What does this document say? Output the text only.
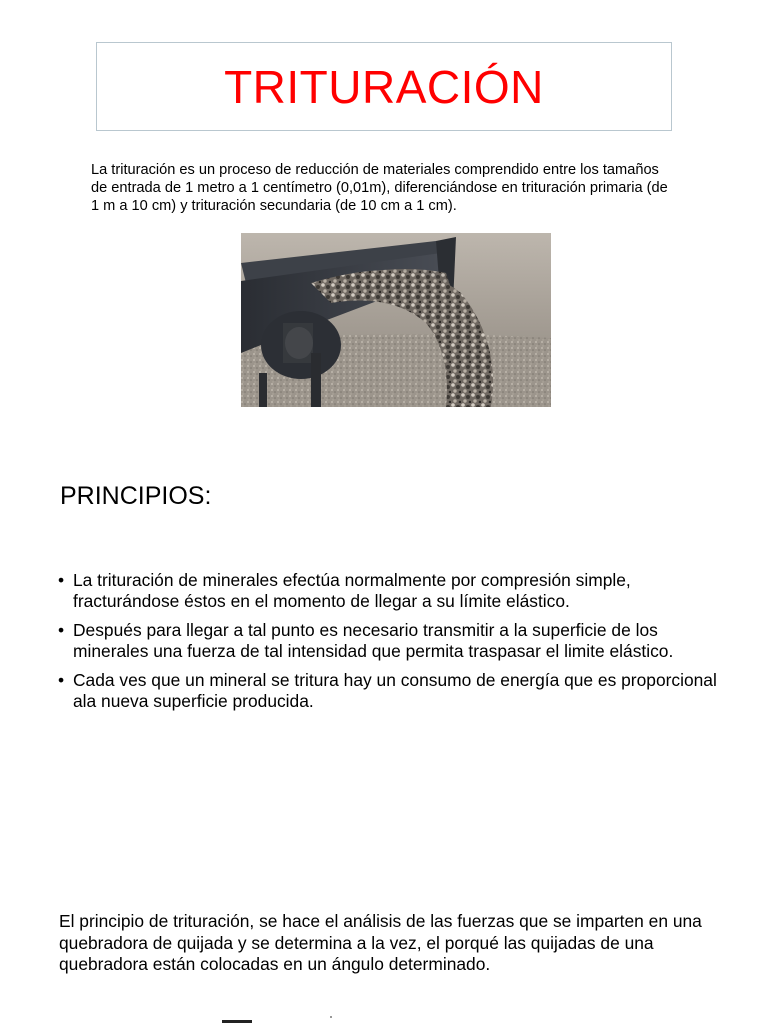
TRITURACIÓN

La trituración es un proceso de reducción de materiales comprendido entre los tamaños de entrada de 1 metro a 1 centímetro (0,01m), diferenciándose en trituración primaria (de 1 m a 10 cm) y trituración secundaria (de 10 cm a 1 cm).

PRINCIPIOS:
• La trituración de minerales efectúa normalmente por compresión simple, fracturándose éstos en el momento de llegar a su límite elástico.
• Después para llegar a tal punto es necesario transmitir a la superficie de los minerales una fuerza de tal intensidad que permita traspasar el limite elástico.
• Cada ves que un mineral se tritura hay un consumo de energía que es proporcional ala nueva superficie producida.

El principio de trituración, se hace el análisis de las fuerzas que se imparten en una quebradora de quijada y se determina a la vez, el porqué las quijadas de una quebradora están colocadas en un ángulo determinado.
